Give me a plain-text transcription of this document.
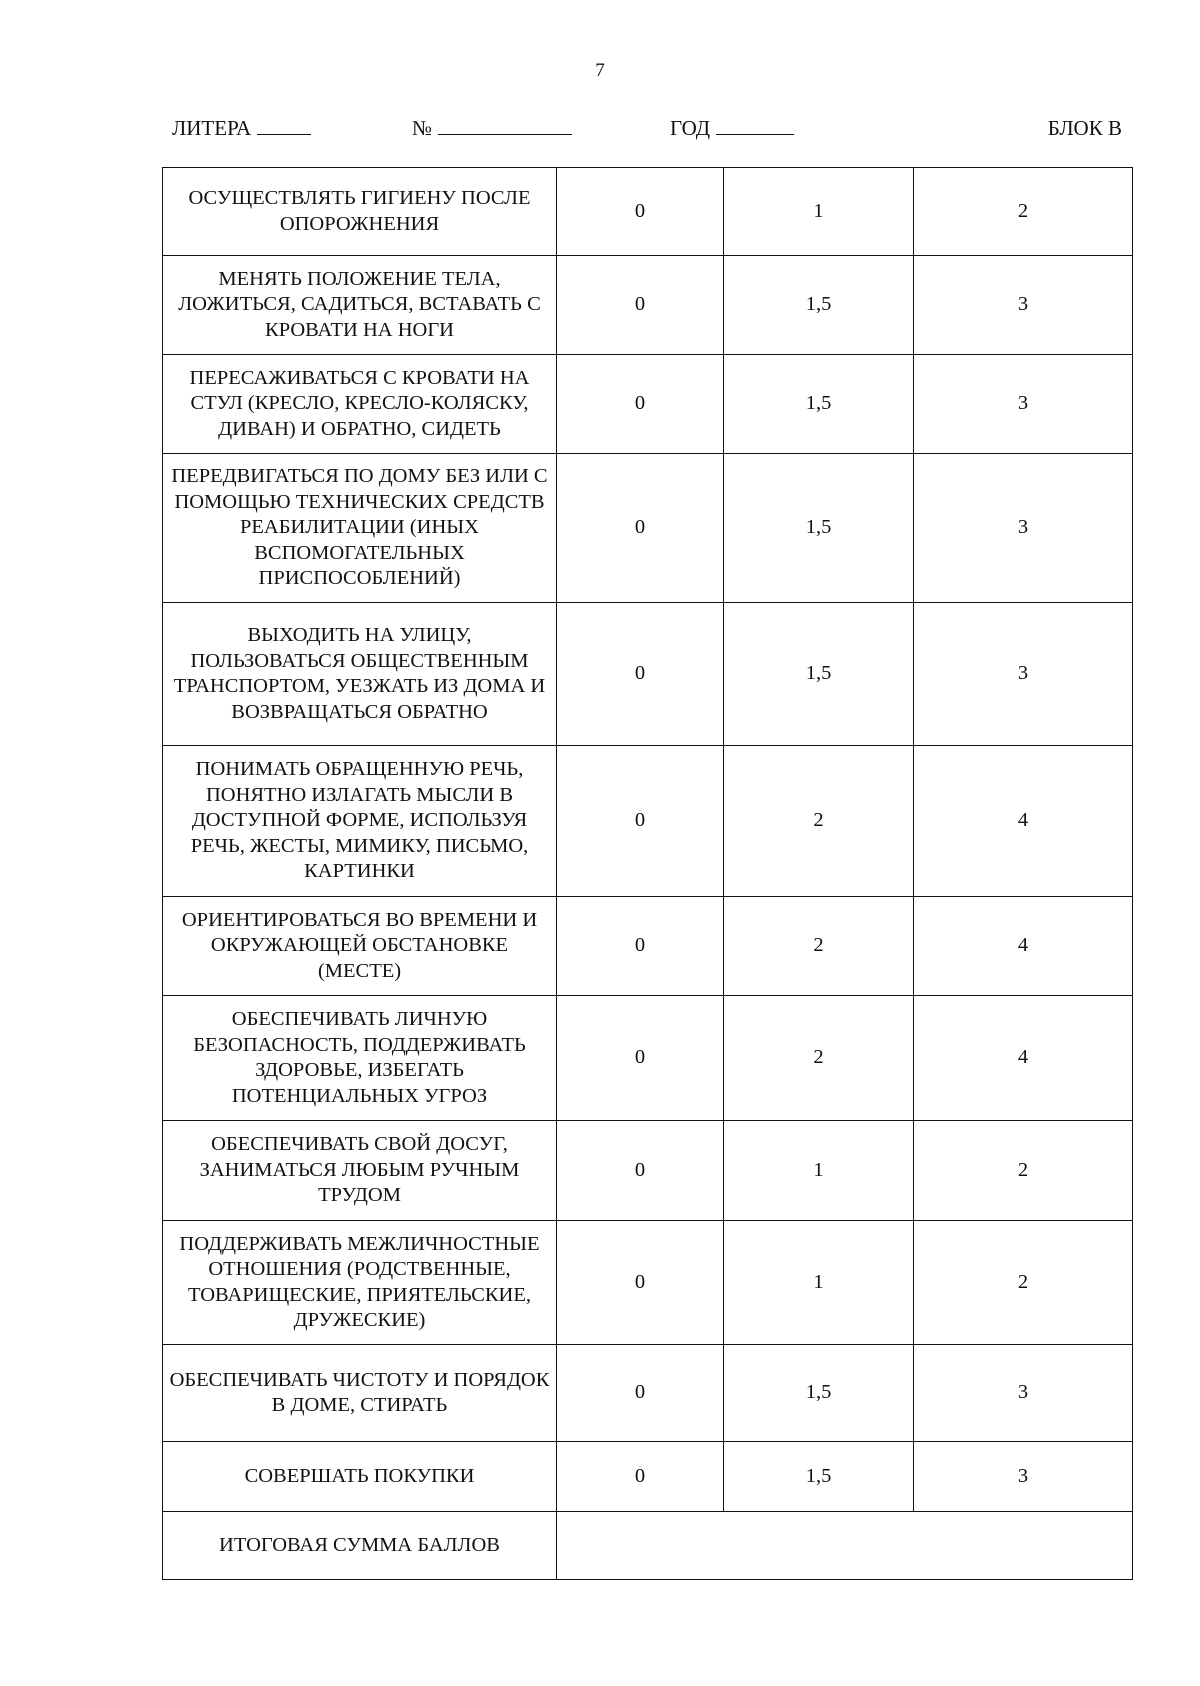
7
ЛИТЕРА	№	ГОД	БЛОК В
ОСУЩЕСТВЛЯТЬ ГИГИЕНУ ПОСЛЕ ОПОРОЖНЕНИЯ	0	1	2
МЕНЯТЬ ПОЛОЖЕНИЕ ТЕЛА, ЛОЖИТЬСЯ, САДИТЬСЯ, ВСТАВАТЬ С КРОВАТИ НА НОГИ	0	1,5	3
ПЕРЕСАЖИВАТЬСЯ С КРОВАТИ НА СТУЛ (КРЕСЛО, КРЕСЛО-КОЛЯСКУ, ДИВАН) И ОБРАТНО, СИДЕТЬ	0	1,5	3
ПЕРЕДВИГАТЬСЯ ПО ДОМУ БЕЗ ИЛИ С ПОМОЩЬЮ ТЕХНИЧЕСКИХ СРЕДСТВ РЕАБИЛИТАЦИИ (ИНЫХ ВСПОМОГАТЕЛЬНЫХ ПРИСПОСОБЛЕНИЙ)	0	1,5	3
ВЫХОДИТЬ НА УЛИЦУ, ПОЛЬЗОВАТЬСЯ ОБЩЕСТВЕННЫМ ТРАНСПОРТОМ, УЕЗЖАТЬ ИЗ ДОМА И ВОЗВРАЩАТЬСЯ ОБРАТНО	0	1,5	3
ПОНИМАТЬ ОБРАЩЕННУЮ РЕЧЬ, ПОНЯТНО ИЗЛАГАТЬ МЫСЛИ В ДОСТУПНОЙ ФОРМЕ, ИСПОЛЬЗУЯ РЕЧЬ, ЖЕСТЫ, МИМИКУ, ПИСЬМО, КАРТИНКИ	0	2	4
ОРИЕНТИРОВАТЬСЯ ВО ВРЕМЕНИ И ОКРУЖАЮЩЕЙ ОБСТАНОВКЕ (МЕСТЕ)	0	2	4
ОБЕСПЕЧИВАТЬ ЛИЧНУЮ БЕЗОПАСНОСТЬ, ПОДДЕРЖИВАТЬ ЗДОРОВЬЕ, ИЗБЕГАТЬ ПОТЕНЦИАЛЬНЫХ УГРОЗ	0	2	4
ОБЕСПЕЧИВАТЬ СВОЙ ДОСУГ, ЗАНИМАТЬСЯ ЛЮБЫМ РУЧНЫМ ТРУДОМ	0	1	2
ПОДДЕРЖИВАТЬ МЕЖЛИЧНОСТНЫЕ ОТНОШЕНИЯ (РОДСТВЕННЫЕ, ТОВАРИЩЕСКИЕ, ПРИЯТЕЛЬСКИЕ, ДРУЖЕСКИЕ)	0	1	2
ОБЕСПЕЧИВАТЬ ЧИСТОТУ И ПОРЯДОК В ДОМЕ, СТИРАТЬ	0	1,5	3
СОВЕРШАТЬ ПОКУПКИ	0	1,5	3
ИТОГОВАЯ СУММА БАЛЛОВ			
